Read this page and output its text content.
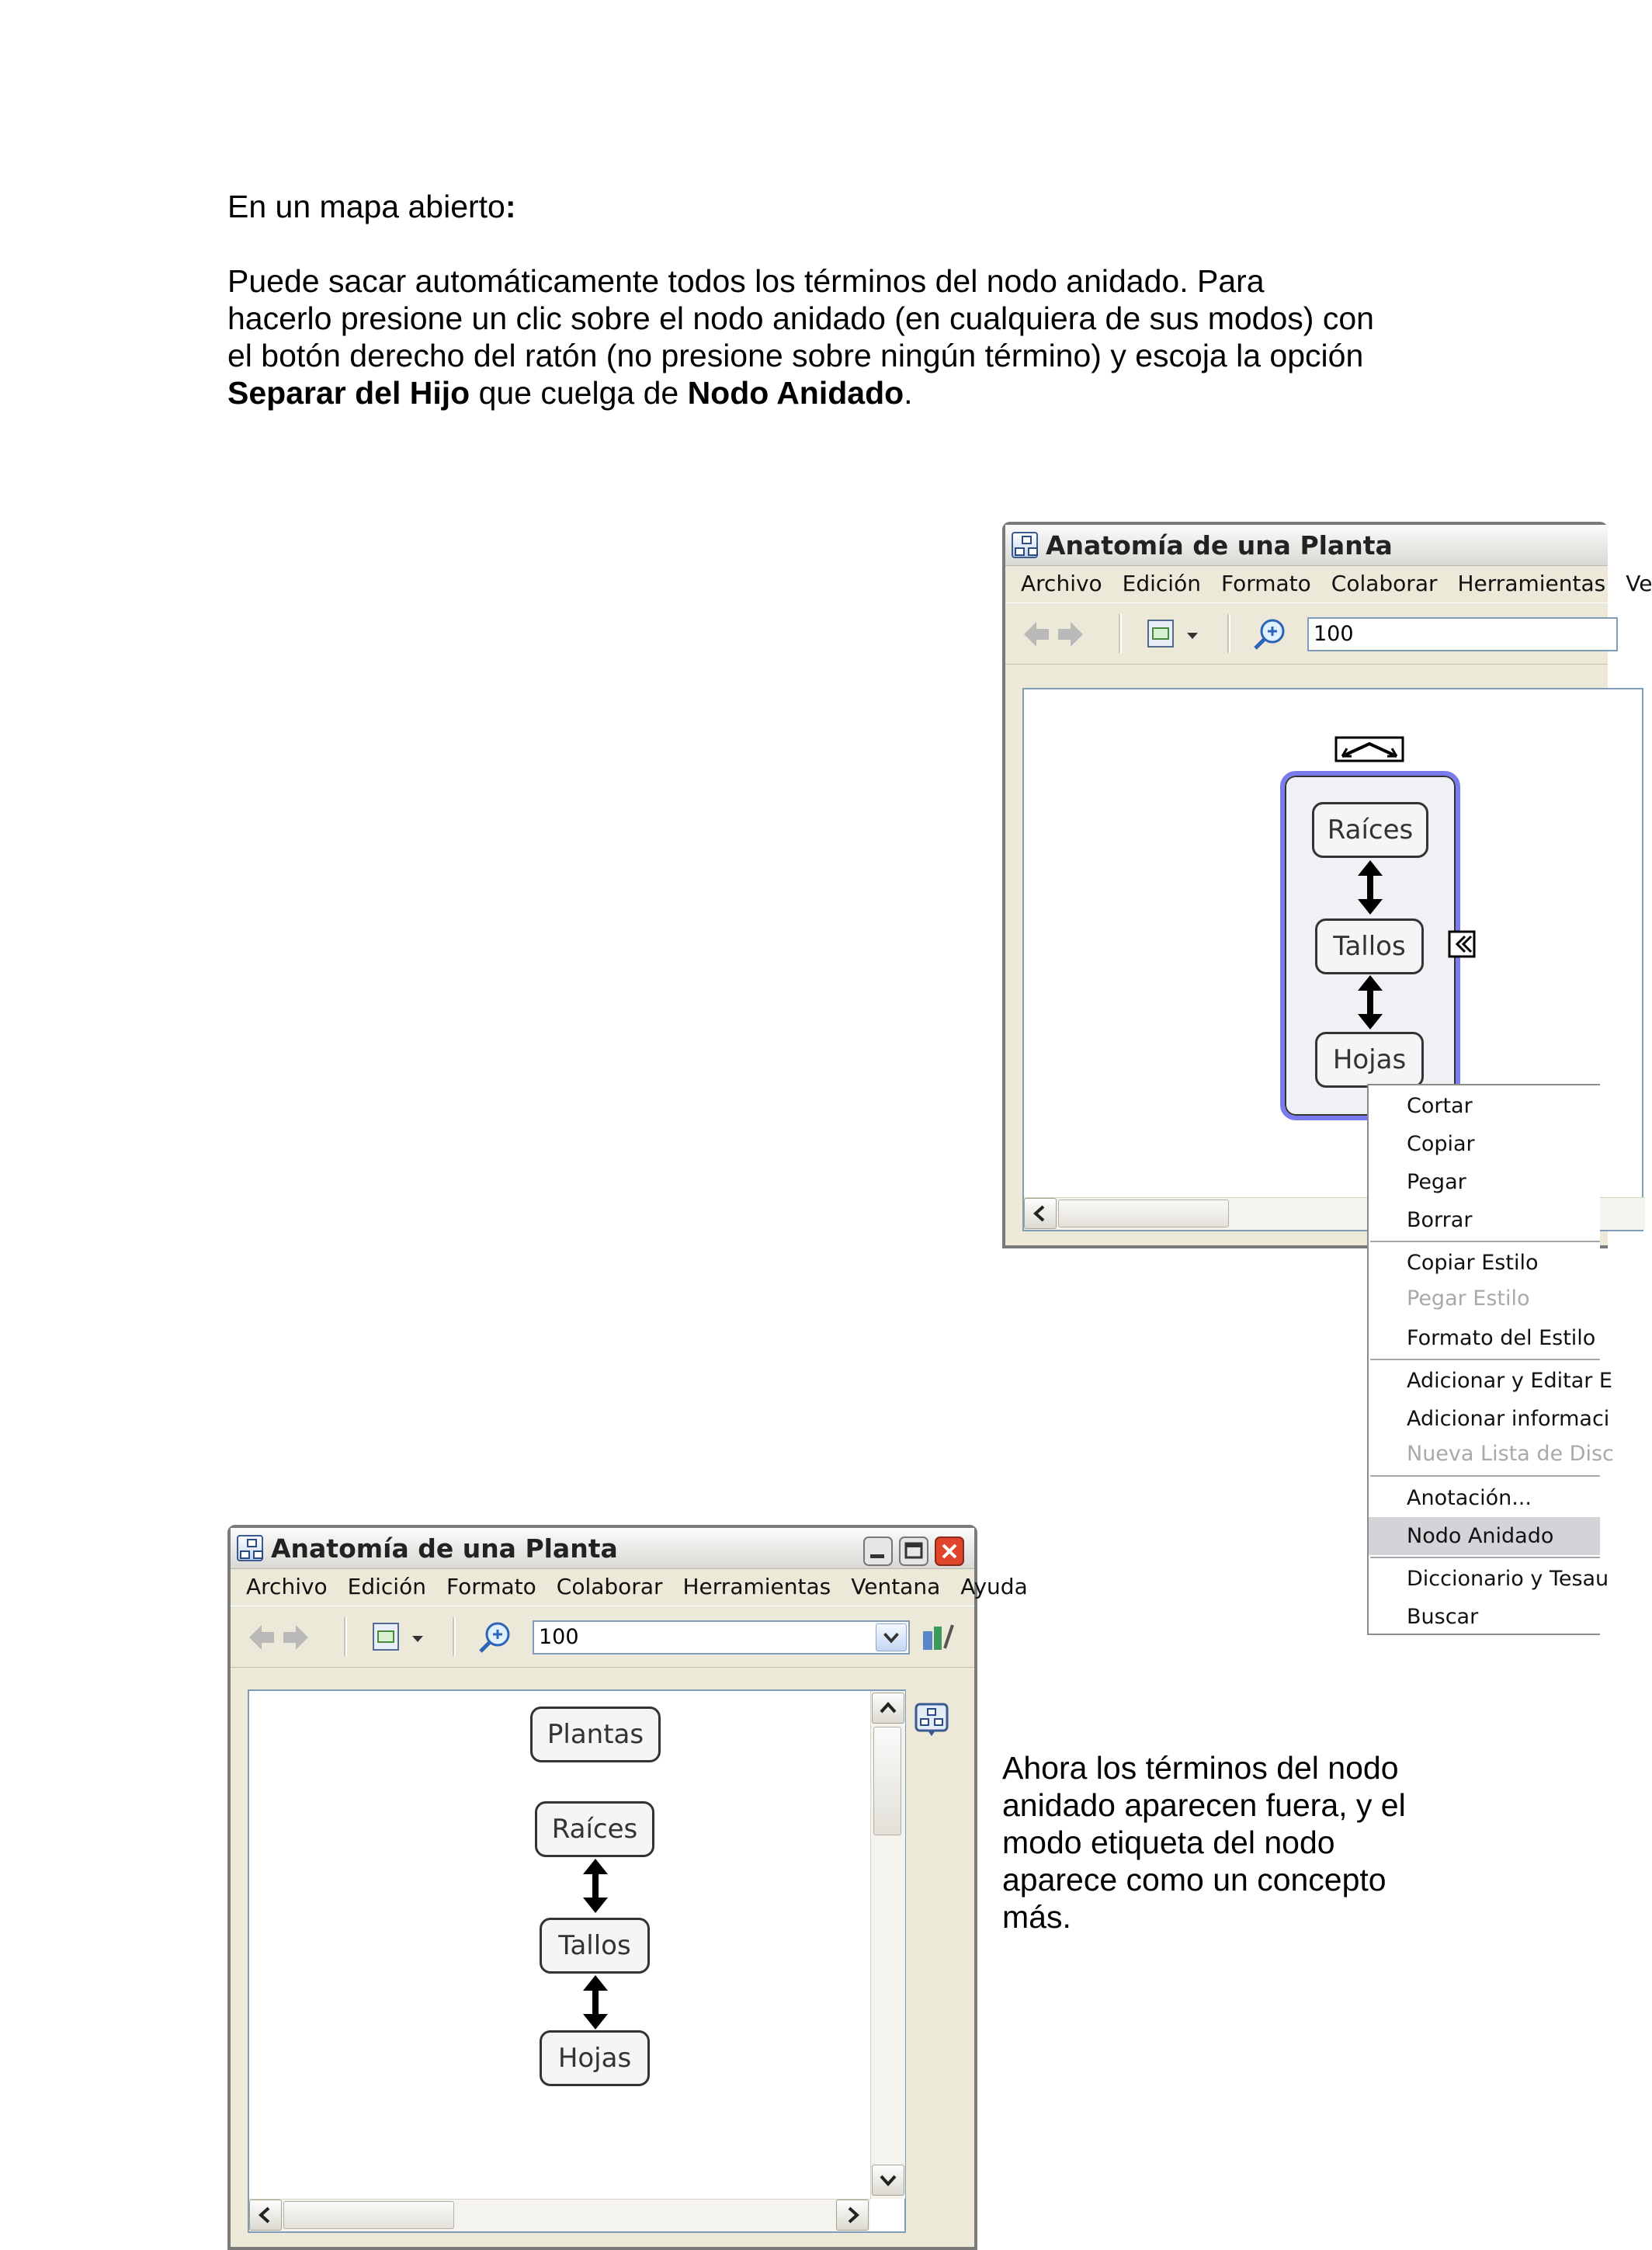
En un mapa abierto:
Puede sacar automáticamente todos los términos del nodo anidado. Para hacerlo presione un clic sobre el nodo anidado (en cualquiera de sus modos) con el botón derecho del ratón (no presione sobre ningún término) y escoja la opción Separar del Hijo que cuelga de Nodo Anidado.
Ahora los términos del nodo anidado aparecen fuera, y el modo etiqueta del nodo aparece como un concepto más.
Anatomía de una Planta
Archivo Edición Formato Colaborar Herramientas Ve
100
Raíces
Tallos
Hojas
Cortar
Copiar
Pegar
Borrar
Copiar Estilo
Pegar Estilo
Formato del Estilo
Adicionar y Editar E
Adicionar informaci
Nueva Lista de Disc
Anotación...
Nodo Anidado
Diccionario y Tesau
Buscar
Anatomía de una Planta
Archivo Edición Formato Colaborar Herramientas Ventana Ayuda
100
Plantas
Raíces
Tallos
Hojas
